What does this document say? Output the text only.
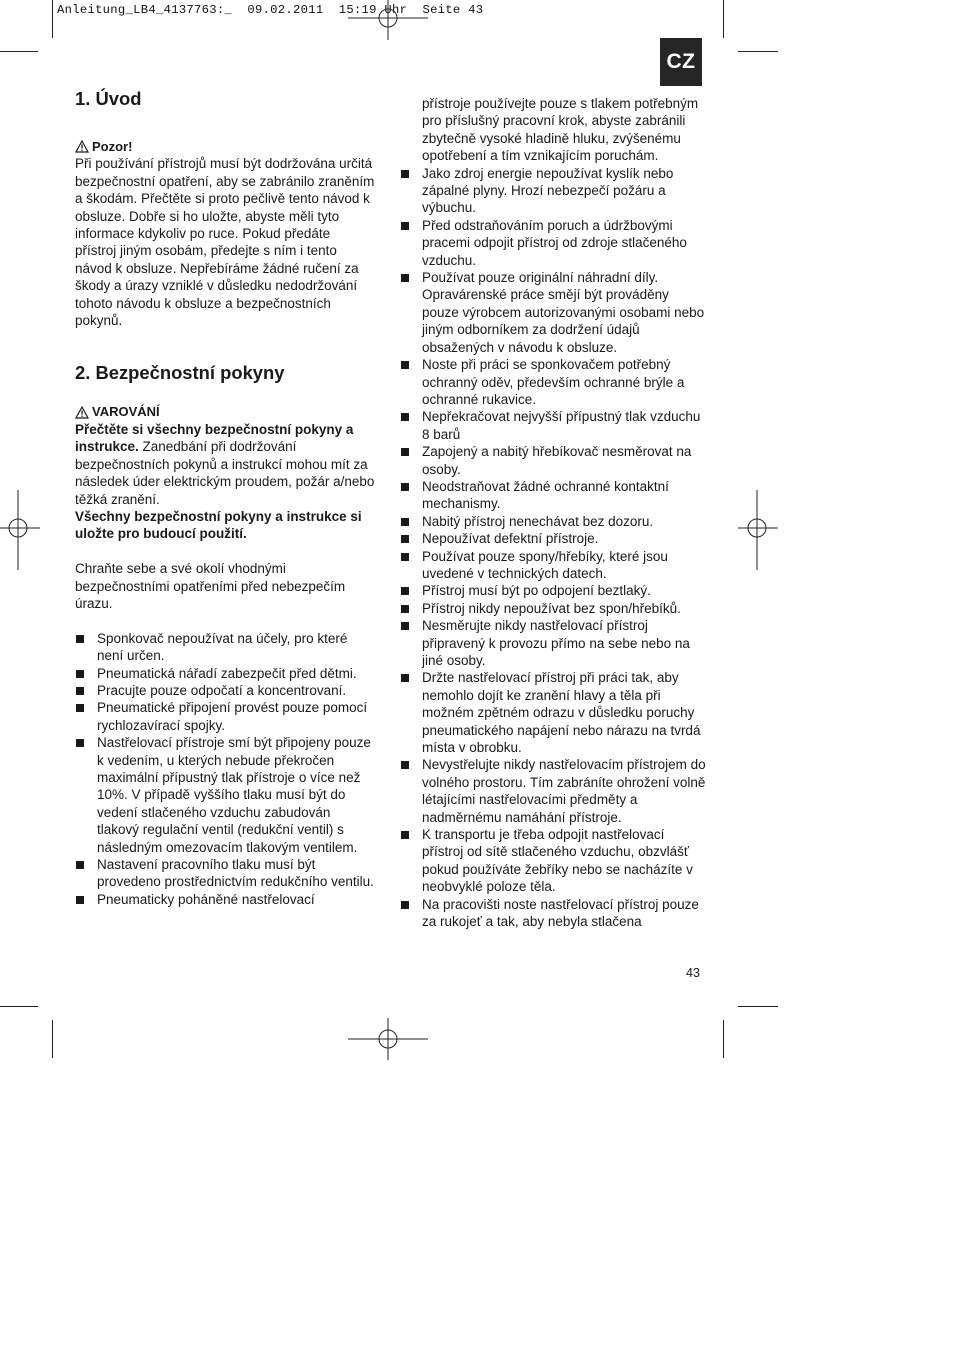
Anleitung_LB4_4137763:_  09.02.2011  15:19 Uhr  Seite 43
CZ
1. Úvod
Pozor!

Při používání přístrojů musí být dodržována určitá bezpečnostní opatření, aby se zabránilo zraněním a škodám. Přečtěte si proto pečlivě tento návod k obsluze. Dobře si ho uložte, abyste měli tyto informace kdykoliv po ruce. Pokud předáte přístroj jiným osobám, předejte s ním i tento návod k obsluze. Nepřebíráme žádné ručení za škody a úrazy vzniklé v důsledku nedodržování tohoto návodu k obsluze a bezpečnostních pokynů.

2. Bezpečnostní pokyny
VAROVÁNÍ

Přečtěte si všechny bezpečnostní pokyny a instrukce. Zanedbání při dodržování bezpečnostních pokynů a instrukcí mohou mít za následek úder elektrickým proudem, požár a/nebo těžká zranění.

Všechny bezpečnostní pokyny a instrukce si uložte pro budoucí použití.

Chraňte sebe a své okolí vhodnými bezpečnostními opatřeními před nebezpečím úrazu.

Sponkovač nepoužívat na účely, pro které není určen.
Pneumatická nářadí zabezpečit před dětmi.
Pracujte pouze odpočatí a koncentrovaní.
Pneumatické připojení provést pouze pomocí rychlozavírací spojky.
Nastřelovací přístroje smí být připojeny pouze k vedením, u kterých nebude překročen maximální přípustný tlak přístroje o více než 10%. V případě vyššího tlaku musí být do vedení stlačeného vzduchu zabudován tlakový regulační ventil (redukční ventil) s následným omezovacím tlakovým ventilem.
Nastavení pracovního tlaku musí být provedeno prostřednictvím redukčního ventilu.
Pneumaticky poháněné nastřelovací

přístroje používejte pouze s tlakem potřebným pro příslušný pracovní krok, abyste zabránili zbytečně vysoké hladině hluku, zvýšenému opotřebení a tím vznikajícím poruchám.

Jako zdroj energie nepoužívat kyslík nebo zápalné plyny. Hrozí nebezpečí požáru a výbuchu.
Před odstraňováním poruch a údržbovými pracemi odpojit přístroj od zdroje stlačeného vzduchu.
Používat pouze originální náhradní díly. Opravárenské práce smějí být prováděny pouze výrobcem autorizovanými osobami nebo jiným odborníkem za dodržení údajů obsažených v návodu k obsluze.
Noste při práci se sponkovačem potřebný ochranný oděv, především ochranné brýle a ochranné rukavice.
Nepřekračovat nejvyšší přípustný tlak vzduchu 8 barů
Zapojený a nabitý hřebíkovač nesměrovat na osoby.
Neodstraňovat žádné ochranné kontaktní mechanismy.
Nabitý přístroj nenechávat bez dozoru.
Nepoužívat defektní přístroje.
Používat pouze spony/hřebíky, které jsou uvedené v technických datech.
Přístroj musí být po odpojení beztlaký.
Přístroj nikdy nepoužívat bez spon/hřebíků.
Nesměrujte nikdy nastřelovací přístroj připravený k provozu přímo na sebe nebo na jiné osoby.
Držte nastřelovací přístroj při práci tak, aby nemohlo dojít ke zranění hlavy a těla při možném zpětném odrazu v důsledku poruchy pneumatického napájení nebo nárazu na tvrdá místa v obrobku.
Nevystřelujte nikdy nastřelovacím přístrojem do volného prostoru. Tím zabráníte ohrožení volně létajícími nastřelovacími předměty a nadměrnému namáhání přístroje.
K transportu je třeba odpojit nastřelovací přístroj od sítě stlačeného vzduchu, obzvlášť pokud používáte žebříky nebo se nacházíte v neobvyklé poloze těla.
Na pracovišti noste nastřelovací přístroj pouze za rukojeť a tak, aby nebyla stlačena
43
